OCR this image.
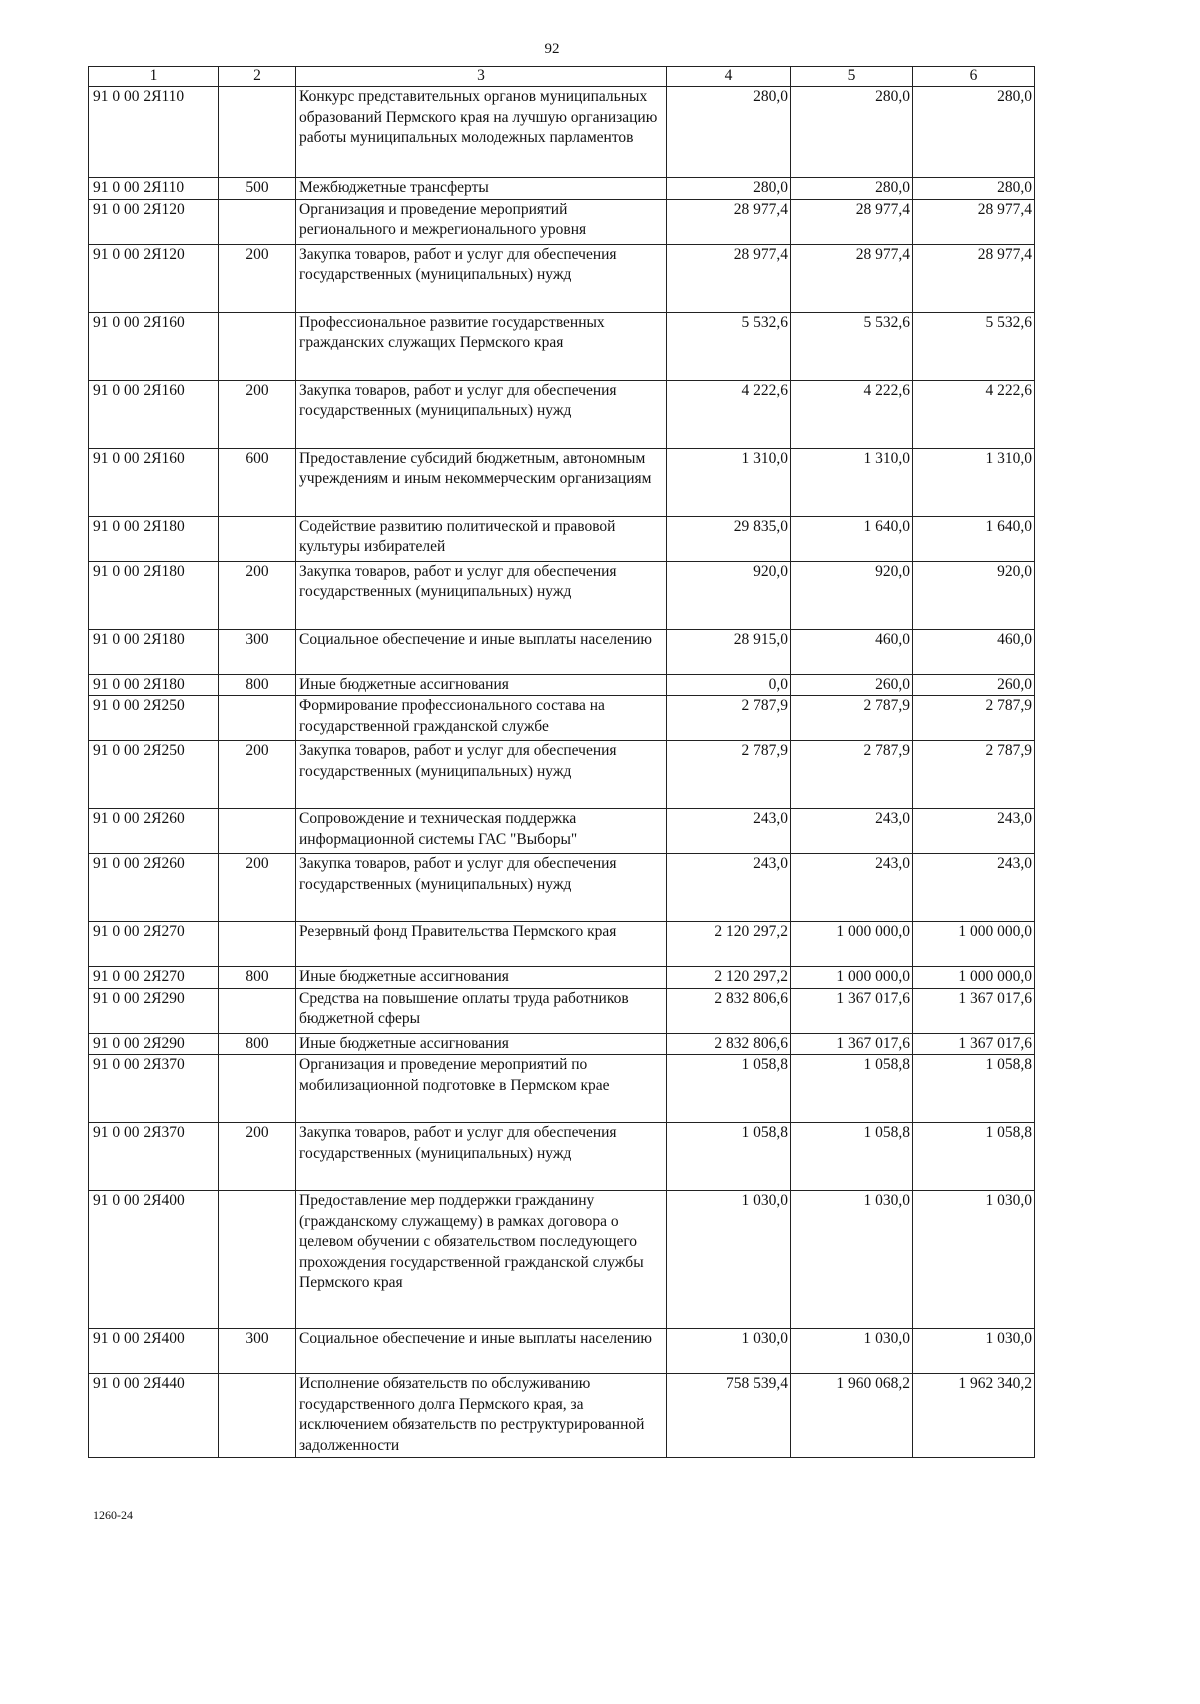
92
1	2	3	4	5	6
91 0 00 2Я110		Конкурс представительных органов муниципальных образований Пермского края на лучшую организацию работы муниципальных молодежных парламентов	280,0	280,0	280,0
91 0 00 2Я110	500	Межбюджетные трансферты	280,0	280,0	280,0
91 0 00 2Я120		Организация и проведение мероприятий регионального и межрегионального уровня	28 977,4	28 977,4	28 977,4
91 0 00 2Я120	200	Закупка товаров, работ и услуг для обеспечения государственных (муниципальных) нужд	28 977,4	28 977,4	28 977,4
91 0 00 2Я160		Профессиональное развитие государственных гражданских служащих Пермского края	5 532,6	5 532,6	5 532,6
91 0 00 2Я160	200	Закупка товаров, работ и услуг для обеспечения государственных (муниципальных) нужд	4 222,6	4 222,6	4 222,6
91 0 00 2Я160	600	Предоставление субсидий бюджетным, автономным учреждениям и иным некоммерческим организациям	1 310,0	1 310,0	1 310,0
91 0 00 2Я180		Содействие развитию политической и правовой культуры избирателей	29 835,0	1 640,0	1 640,0
91 0 00 2Я180	200	Закупка товаров, работ и услуг для обеспечения государственных (муниципальных) нужд	920,0	920,0	920,0
91 0 00 2Я180	300	Социальное обеспечение и иные выплаты населению	28 915,0	460,0	460,0
91 0 00 2Я180	800	Иные бюджетные ассигнования	0,0	260,0	260,0
91 0 00 2Я250		Формирование профессионального состава на государственной гражданской службе	2 787,9	2 787,9	2 787,9
91 0 00 2Я250	200	Закупка товаров, работ и услуг для обеспечения государственных (муниципальных) нужд	2 787,9	2 787,9	2 787,9
91 0 00 2Я260		Сопровождение и техническая поддержка информационной системы ГАС "Выборы"	243,0	243,0	243,0
91 0 00 2Я260	200	Закупка товаров, работ и услуг для обеспечения государственных (муниципальных) нужд	243,0	243,0	243,0
91 0 00 2Я270		Резервный фонд Правительства Пермского края	2 120 297,2	1 000 000,0	1 000 000,0
91 0 00 2Я270	800	Иные бюджетные ассигнования	2 120 297,2	1 000 000,0	1 000 000,0
91 0 00 2Я290		Средства на повышение оплаты труда работников бюджетной сферы	2 832 806,6	1 367 017,6	1 367 017,6
91 0 00 2Я290	800	Иные бюджетные ассигнования	2 832 806,6	1 367 017,6	1 367 017,6
91 0 00 2Я370		Организация и проведение мероприятий по мобилизационной подготовке в Пермском крае	1 058,8	1 058,8	1 058,8
91 0 00 2Я370	200	Закупка товаров, работ и услуг для обеспечения государственных (муниципальных) нужд	1 058,8	1 058,8	1 058,8
91 0 00 2Я400		Предоставление мер поддержки гражданину (гражданскому служащему) в рамках договора о целевом обучении с обязательством последующего прохождения государственной гражданской службы Пермского края	1 030,0	1 030,0	1 030,0
91 0 00 2Я400	300	Социальное обеспечение и иные выплаты населению	1 030,0	1 030,0	1 030,0
91 0 00 2Я440		Исполнение обязательств по обслуживанию государственного долга Пермского края, за исключением обязательств по реструктурированной задолженности	758 539,4	1 960 068,2	1 962 340,2
1260-24
